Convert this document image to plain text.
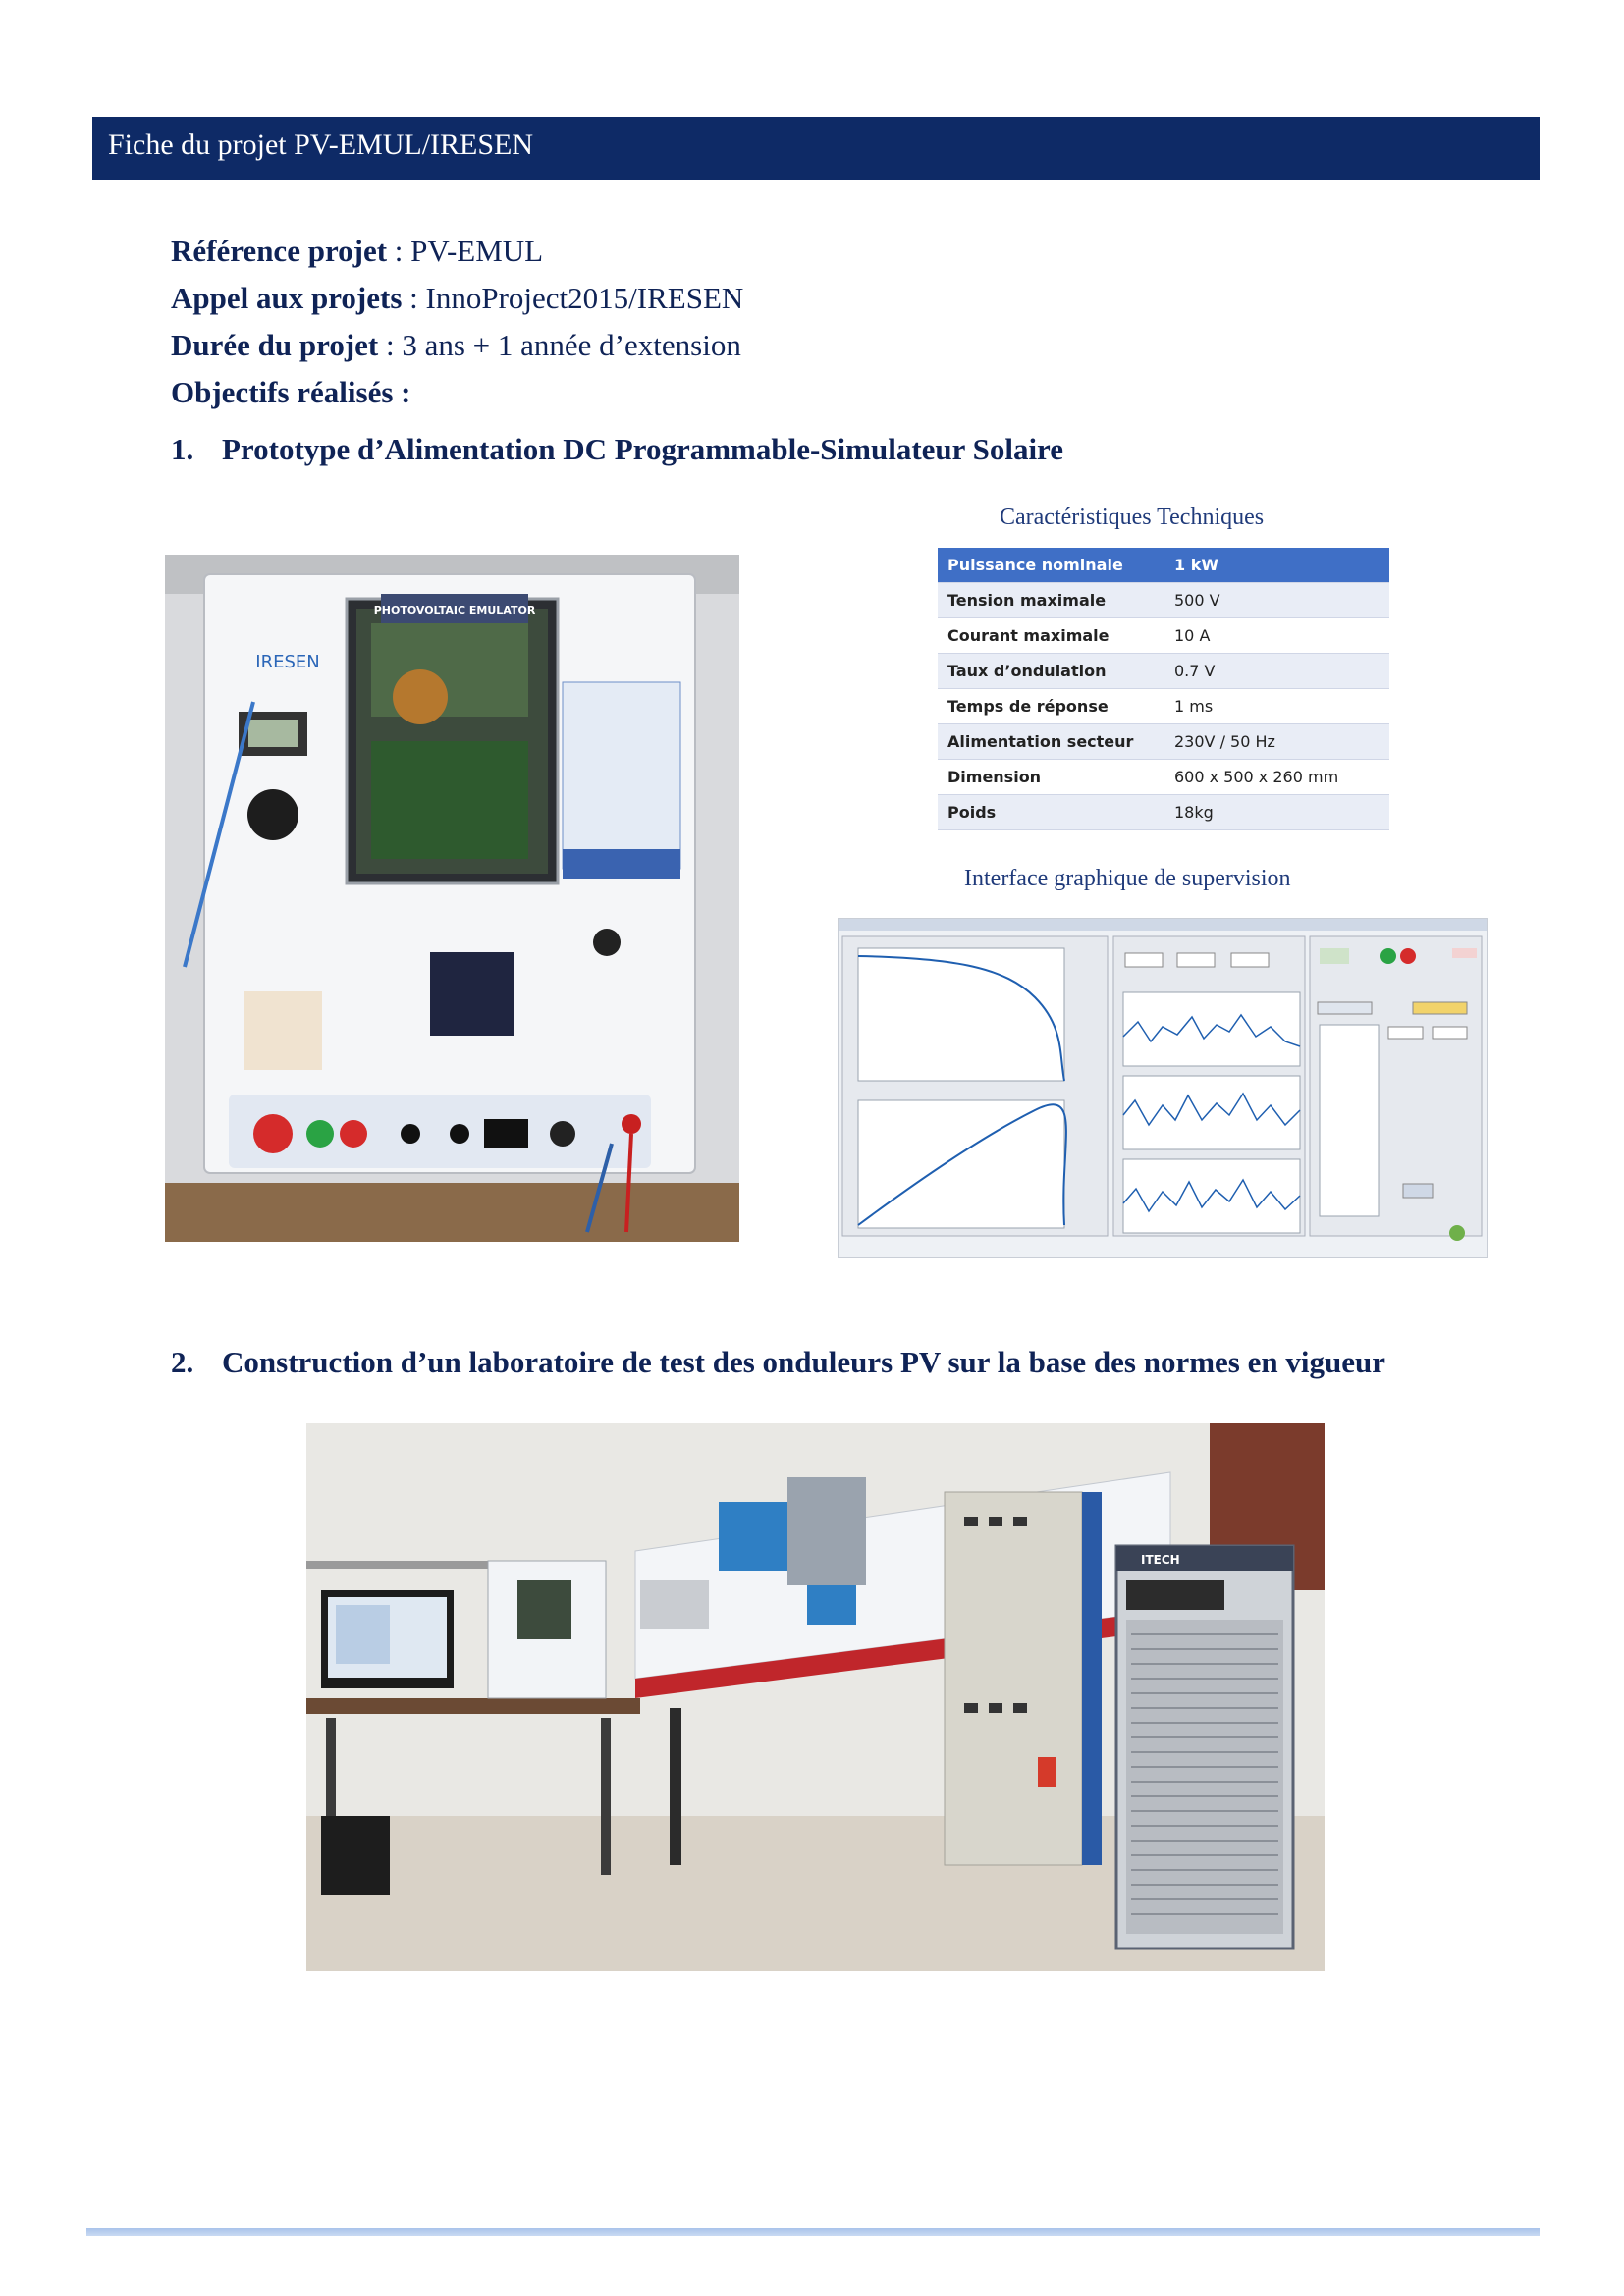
Fiche du projet PV-EMUL/IRESEN
Référence projet : PV-EMUL
Appel aux projets : InnoProject2015/IRESEN
Durée du projet : 3 ans + 1 année d’extension
Objectifs réalisés :
1. Prototype d’Alimentation DC Programmable-Simulateur Solaire
PHOTOVOLTAIC EMULATOR
IRESEN
Caractéristiques Techniques
Puissance nominale	1 kW
Tension maximale	500 V
Courant maximale	10 A
Taux d’ondulation	0.7 V
Temps de réponse	1 ms
Alimentation secteur	230V / 50 Hz
Dimension	600 x 500 x 260 mm
Poids	18kg
Interface graphique de supervision
2. Construction d’un laboratoire de test des onduleurs PV sur la base des normes en vigueur
ITECH
